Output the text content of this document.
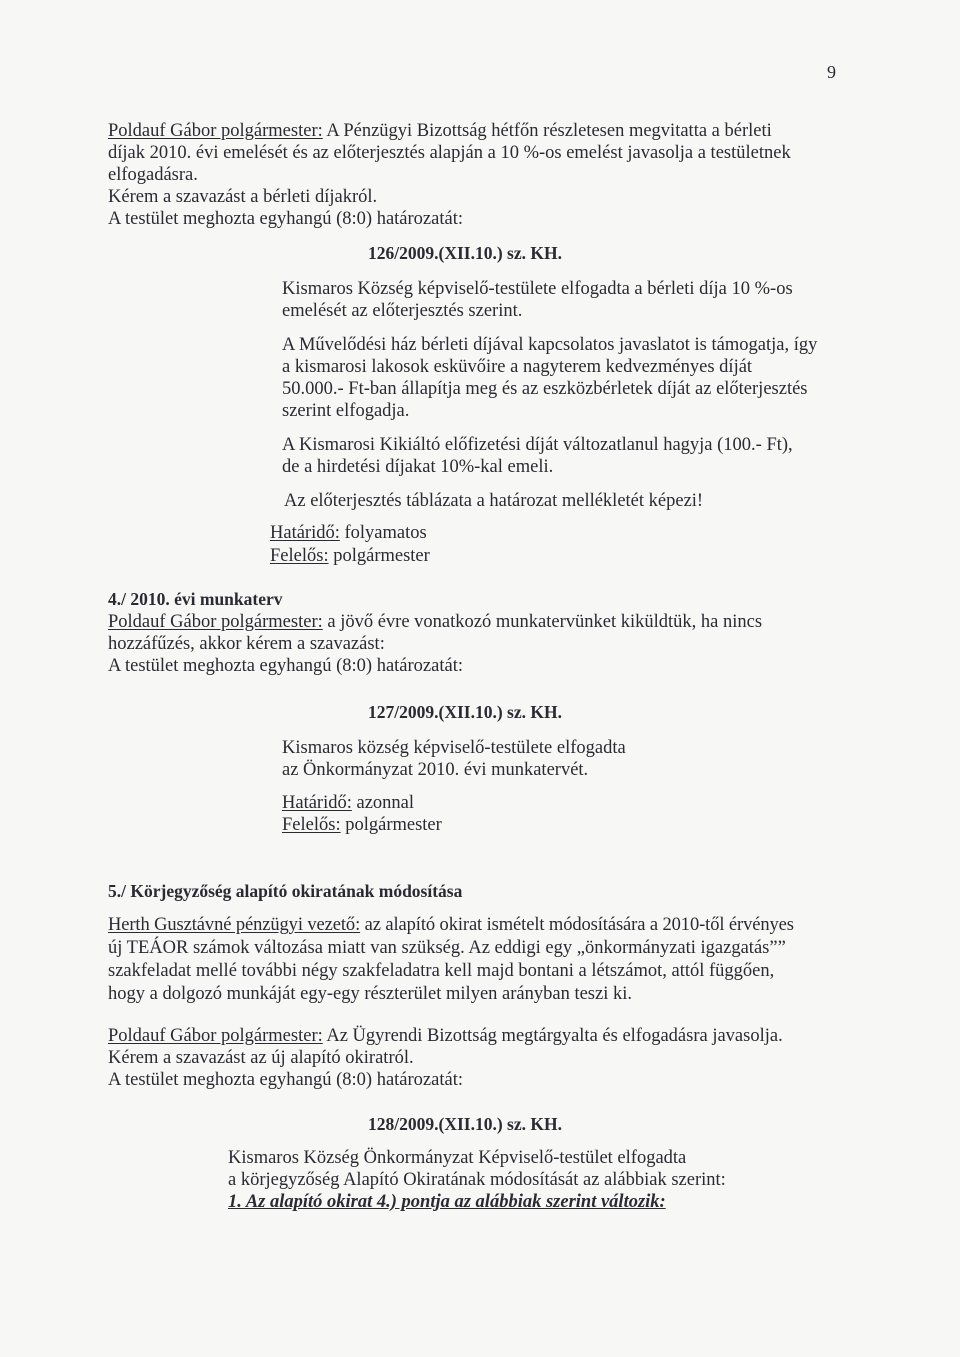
9
Poldauf Gábor polgármester: A Pénzügyi Bizottság hétfőn részletesen megvitatta a bérleti
díjak 2010. évi emelését és az előterjesztés alapján a 10 %-os emelést javasolja a testületnek
elfogadásra.
Kérem a szavazást a bérleti díjakról.
A testület meghozta egyhangú (8:0) határozatát:
126/2009.(XII.10.) sz. KH.
Kismaros Község képviselő-testülete elfogadta a bérleti díja 10 %-os
emelését az előterjesztés szerint.
A Művelődési ház bérleti díjával kapcsolatos javaslatot is támogatja, így
a kismarosi lakosok esküvőire a nagyterem kedvezményes díját
50.000.- Ft-ban állapítja meg és az eszközbérletek díját az előterjesztés
szerint elfogadja.
A Kismarosi Kikiáltó előfizetési díját változatlanul hagyja (100.- Ft),
de a hirdetési díjakat 10%-kal emeli.
Az előterjesztés táblázata a határozat mellékletét képezi!
Határidő: folyamatos
Felelős: polgármester
4./ 2010. évi munkaterv
Poldauf Gábor polgármester: a jövő évre vonatkozó munkatervünket kiküldtük, ha nincs
hozzáfűzés, akkor kérem a szavazást:
A testület meghozta egyhangú (8:0) határozatát:
127/2009.(XII.10.) sz. KH.
Kismaros község képviselő-testülete elfogadta
az Önkormányzat 2010. évi munkatervét.
Határidő: azonnal
Felelős: polgármester
5./ Körjegyzőség alapító okiratának módosítása
Herth Gusztávné pénzügyi vezető: az alapító okirat ismételt módosítására a 2010-től érvényes
új TEÁOR számok változása miatt van szükség. Az eddigi egy „önkormányzati igazgatás””
szakfeladat mellé további négy szakfeladatra kell majd bontani a létszámot, attól függően,
hogy a dolgozó munkáját egy-egy részterület milyen arányban teszi ki.
Poldauf Gábor polgármester: Az Ügyrendi Bizottság megtárgyalta és elfogadásra javasolja.
Kérem a szavazást az új alapító okiratról.
A testület meghozta egyhangú (8:0) határozatát:
128/2009.(XII.10.) sz. KH.
Kismaros Község Önkormányzat Képviselő-testület elfogadta
a körjegyzőség Alapító Okiratának módosítását az alábbiak szerint:
1. Az alapító okirat 4.) pontja az alábbiak szerint változik:
